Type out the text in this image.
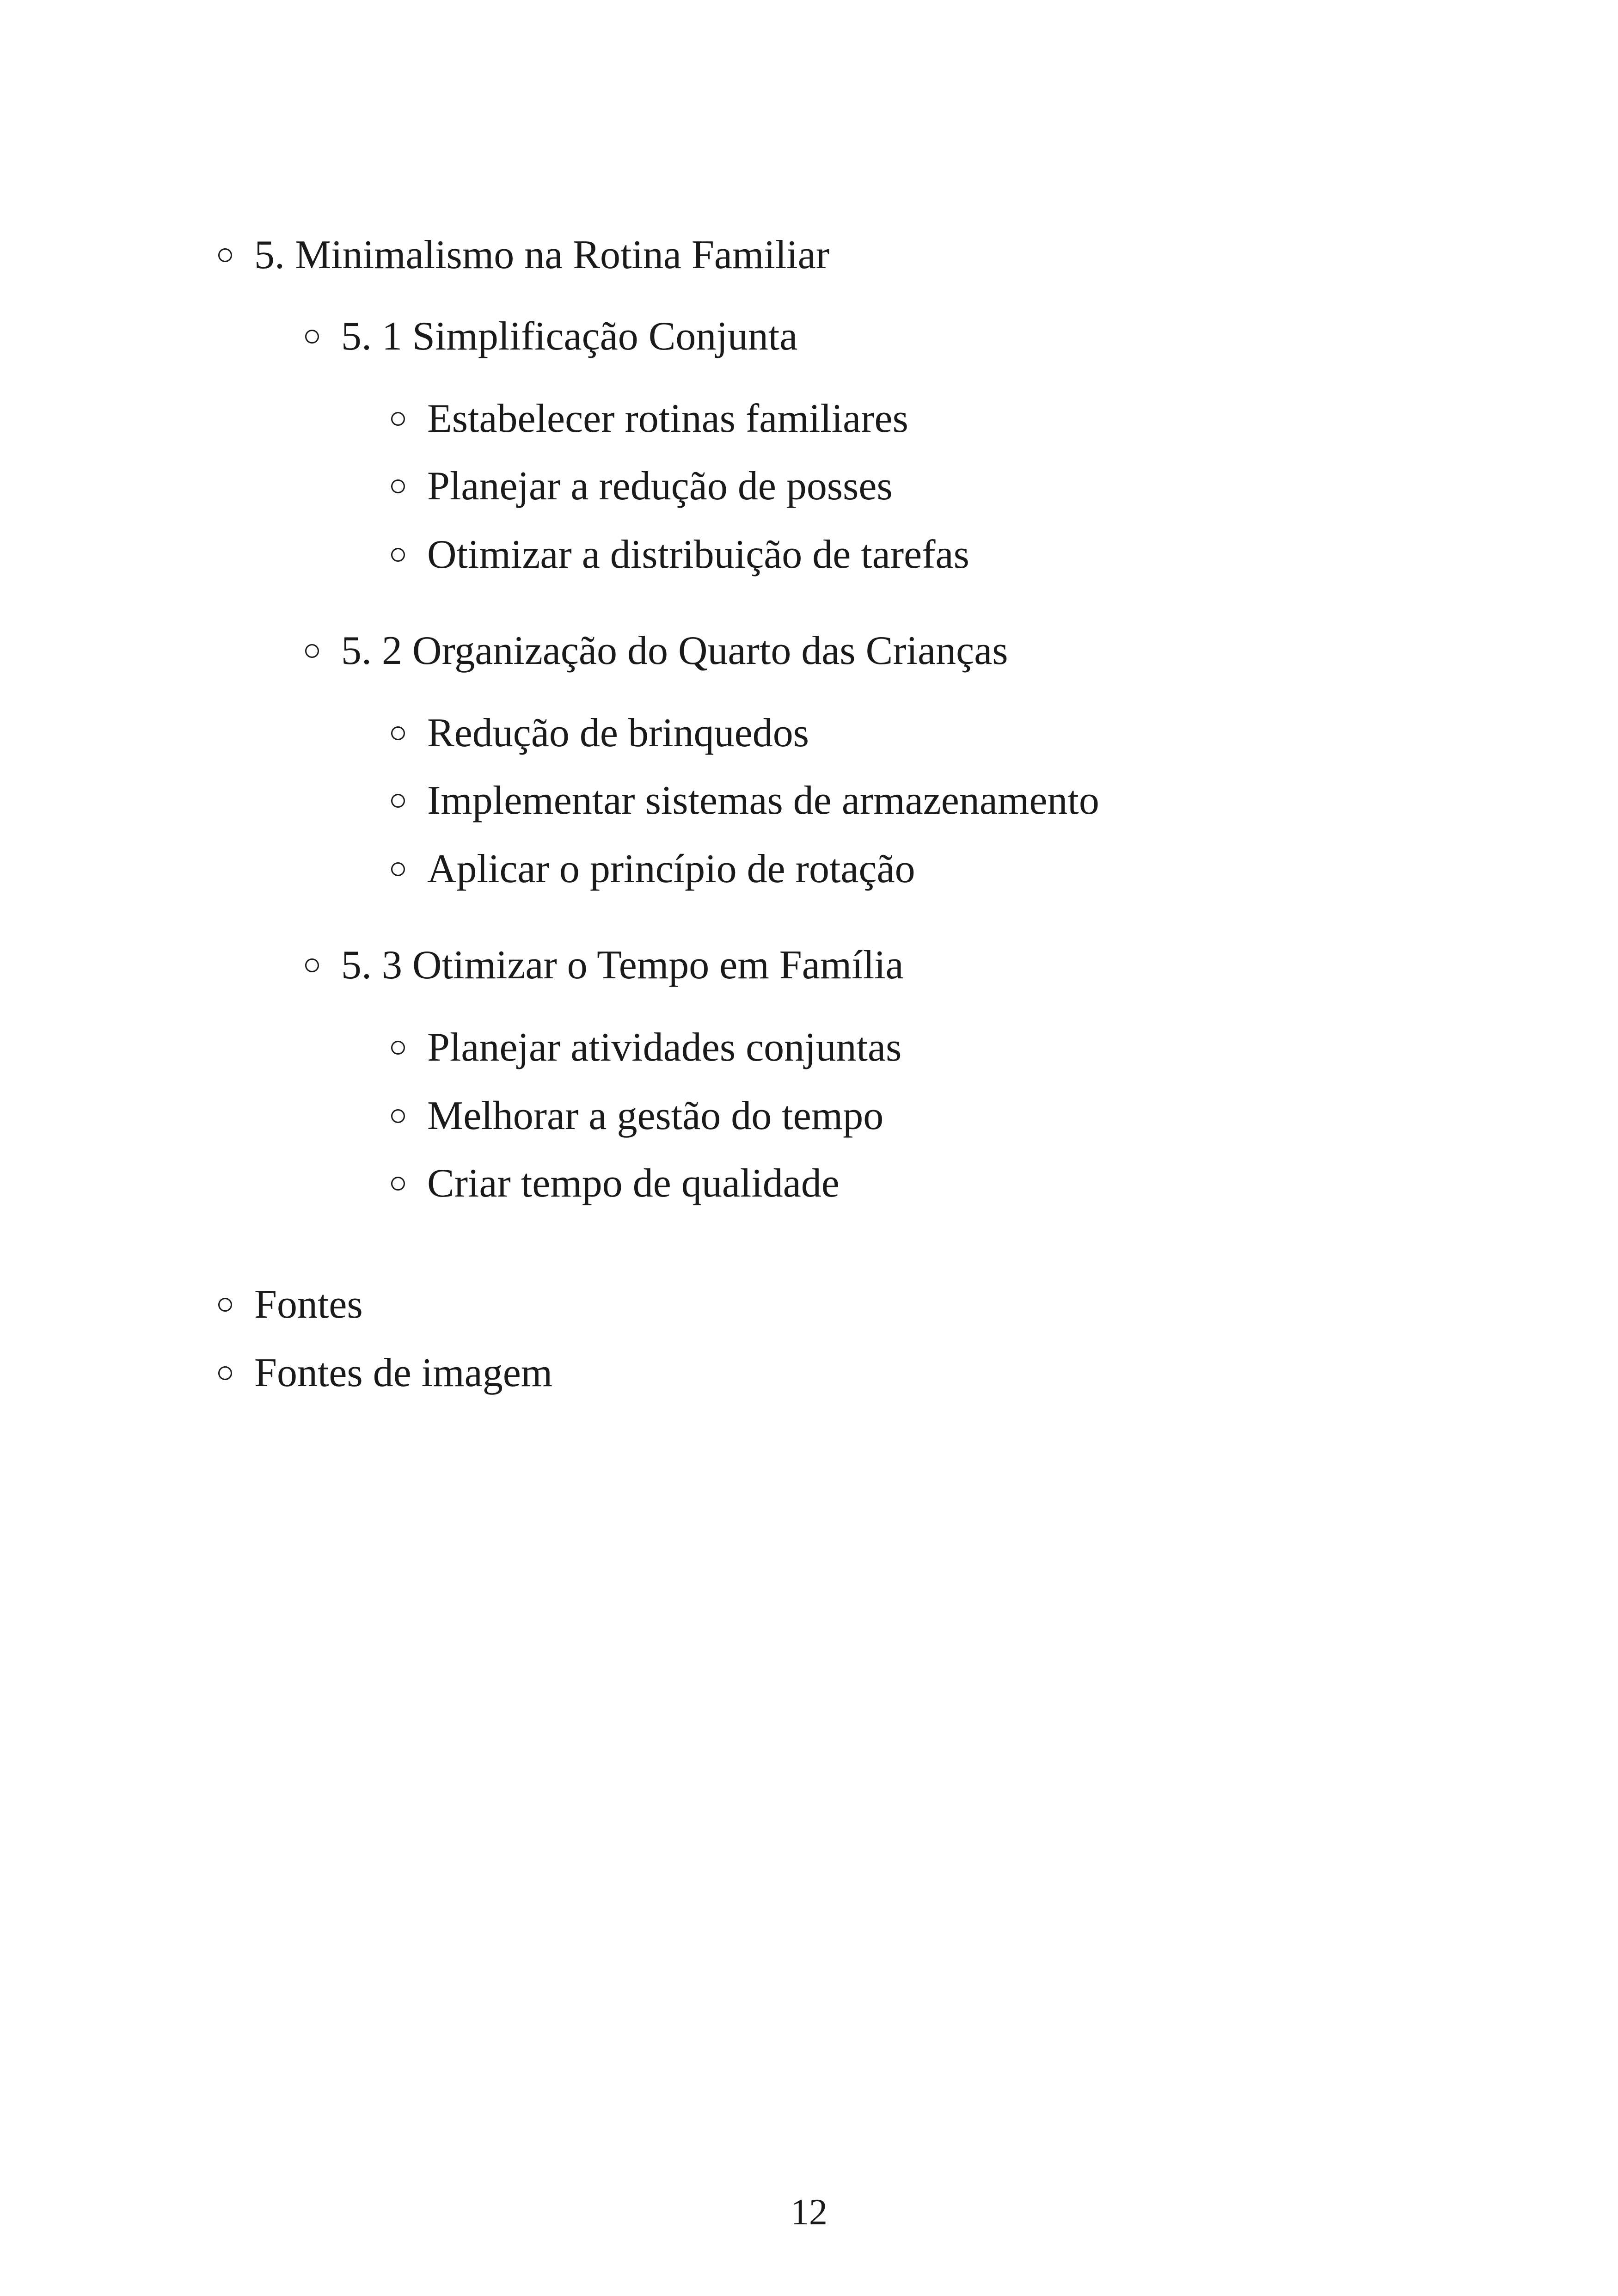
5. Minimalismo na Rotina Familiar
5. 1 Simplificação Conjunta
Estabelecer rotinas familiares
Planejar a redução de posses
Otimizar a distribuição de tarefas
5. 2 Organização do Quarto das Crianças
Redução de brinquedos
Implementar sistemas de armazenamento
Aplicar o princípio de rotação
5. 3 Otimizar o Tempo em Família
Planejar atividades conjuntas
Melhorar a gestão do tempo
Criar tempo de qualidade
Fontes
Fontes de imagem
12
